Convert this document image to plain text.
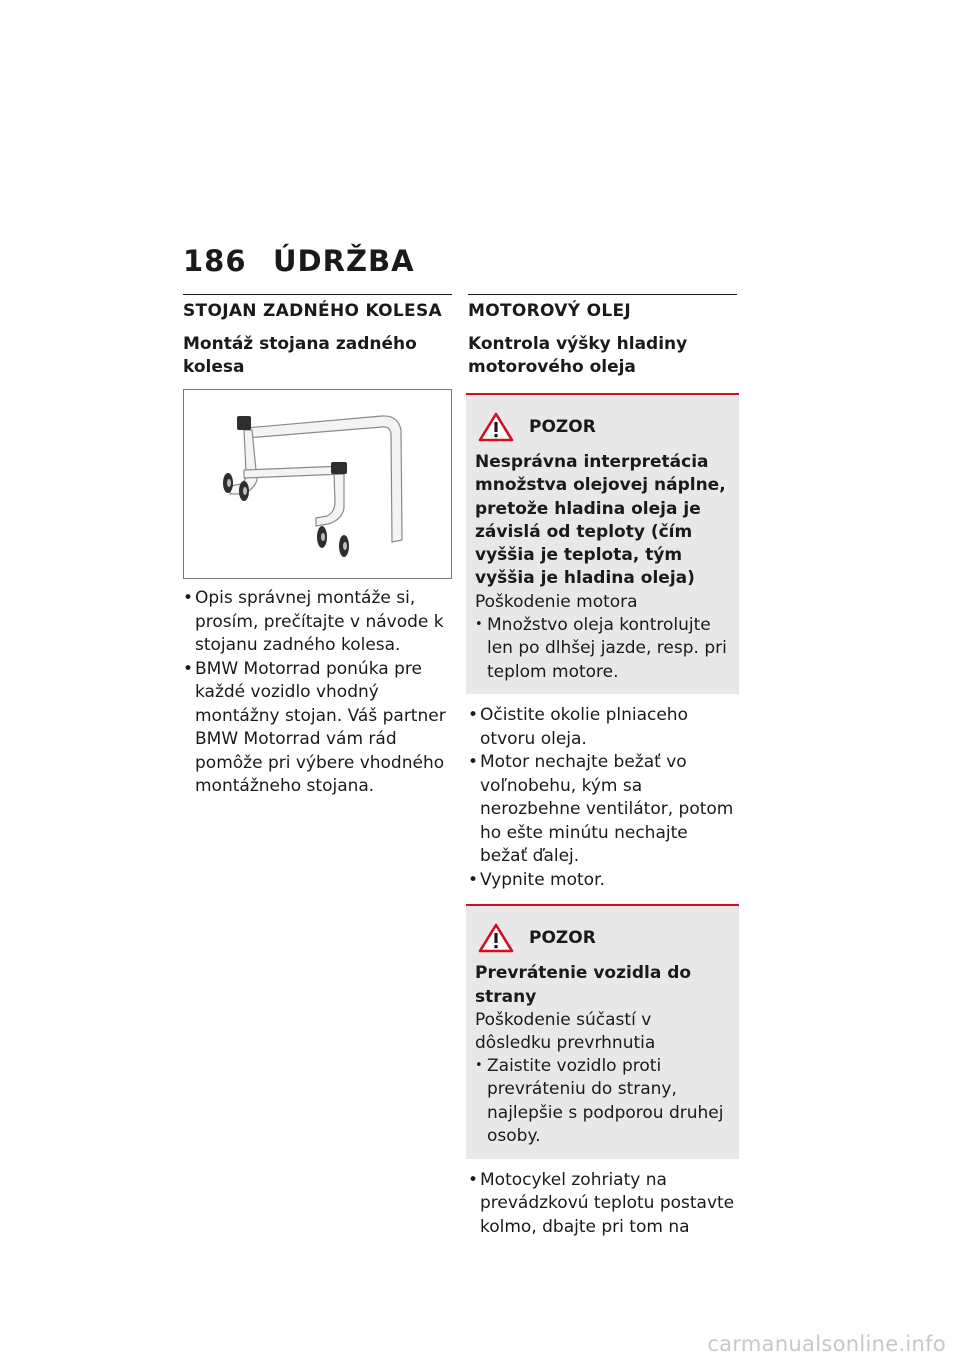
186 ÚDRŽBA
STOJAN ZADNÉHO KOLESA
Montáž stojana zadného kolesa
• Opis správnej montáže si, prosím, prečítajte v návode k stojanu zadného kolesa.
• BMW Motorrad ponúka pre každé vozidlo vhodný montážny stojan. Váš partner BMW Motorrad vám rád pomôže pri výbere vhodného montážneho stojana.
MOTOROVÝ OLEJ
Kontrola výšky hladiny motorového oleja
POZOR
Nesprávna interpretácia množstva olejovej náplne, pretože hladina oleja je závislá od teploty (čím vyššia je teplota, tým vyššia je hladina oleja)
Poškodenie motora
• Množstvo oleja kontrolujte len po dlhšej jazde, resp. pri teplom motore.
• Očistite okolie plniaceho otvoru oleja.
• Motor nechajte bežať vo voľnobehu, kým sa nerozbehne ventilátor, potom ho ešte minútu nechajte bežať ďalej.
• Vypnite motor.
POZOR
Prevrátenie vozidla do strany
Poškodenie súčastí v dôsledku prevrhnutia
• Zaistite vozidlo proti prevráteniu do strany, najlepšie s podporou druhej osoby.
• Motocykel zohriaty na prevádzkovú teplotu postavte kolmo, dbajte pri tom na
carmanualsonline.info
